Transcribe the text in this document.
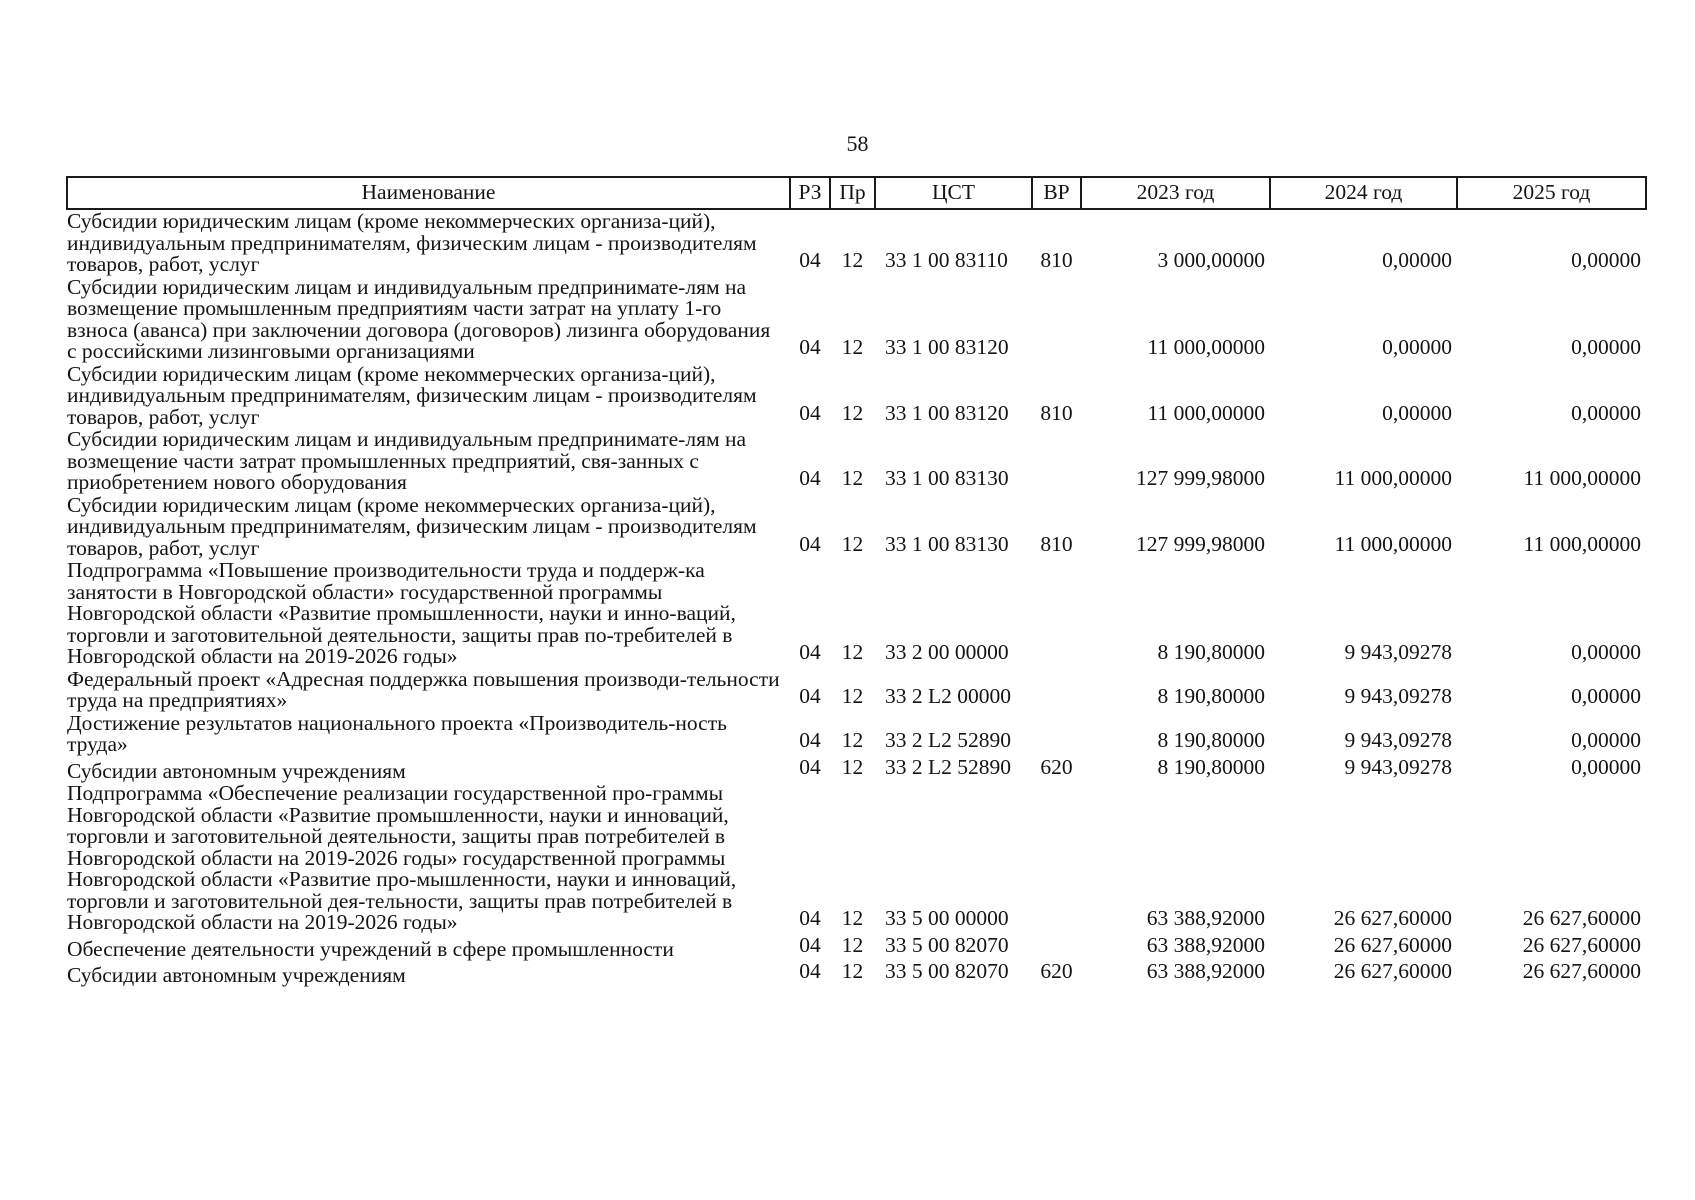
58
Наименование	РЗ	Пр	ЦСТ	ВР	2023 год	2024 год	2025 год
Субсидии юридическим лицам (кроме некоммерческих организа-ций), индивидуальным предпринимателям, физическим лицам - производителям товаров, работ, услуг	04	12	33 1 00 83110	810	3 000,00000	0,00000	0,00000
Субсидии юридическим лицам и индивидуальным предпринимате-лям на возмещение промышленным предприятиям части затрат на уплату 1-го взноса (аванса) при заключении договора (договоров) лизинга оборудования с российскими лизинговыми организациями	04	12	33 1 00 83120		11 000,00000	0,00000	0,00000
Субсидии юридическим лицам (кроме некоммерческих организа-ций), индивидуальным предпринимателям, физическим лицам - производителям товаров, работ, услуг	04	12	33 1 00 83120	810	11 000,00000	0,00000	0,00000
Субсидии юридическим лицам и индивидуальным предпринимате-лям на возмещение части затрат промышленных предприятий, свя-занных с приобретением нового оборудования	04	12	33 1 00 83130		127 999,98000	11 000,00000	11 000,00000
Субсидии юридическим лицам (кроме некоммерческих организа-ций), индивидуальным предпринимателям, физическим лицам - производителям товаров, работ, услуг	04	12	33 1 00 83130	810	127 999,98000	11 000,00000	11 000,00000
Подпрограмма «Повышение производительности труда и поддерж-ка занятости в Новгородской области» государственной программы Новгородской области «Развитие промышленности, науки и инно-ваций, торговли и заготовительной деятельности, защиты прав по-требителей в Новгородской области на 2019-2026 годы»	04	12	33 2 00 00000		8 190,80000	9 943,09278	0,00000
Федеральный проект «Адресная поддержка повышения производи-тельности труда на предприятиях»	04	12	33 2 L2 00000		8 190,80000	9 943,09278	0,00000
Достижение результатов национального проекта «Производитель-ность труда»	04	12	33 2 L2 52890		8 190,80000	9 943,09278	0,00000
Субсидии автономным учреждениям	04	12	33 2 L2 52890	620	8 190,80000	9 943,09278	0,00000
Подпрограмма «Обеспечение реализации государственной про-граммы Новгородской области «Развитие промышленности, науки и инноваций, торговли и заготовительной деятельности, защиты прав потребителей в Новгородской области на 2019-2026 годы» государственной программы Новгородской области «Развитие про-мышленности, науки и инноваций, торговли и заготовительной дея-тельности, защиты прав потребителей в Новгородской области на 2019-2026 годы»	04	12	33 5 00 00000		63 388,92000	26 627,60000	26 627,60000
Обеспечение деятельности учреждений в сфере промышленности	04	12	33 5 00 82070		63 388,92000	26 627,60000	26 627,60000
Субсидии автономным учреждениям	04	12	33 5 00 82070	620	63 388,92000	26 627,60000	26 627,60000
